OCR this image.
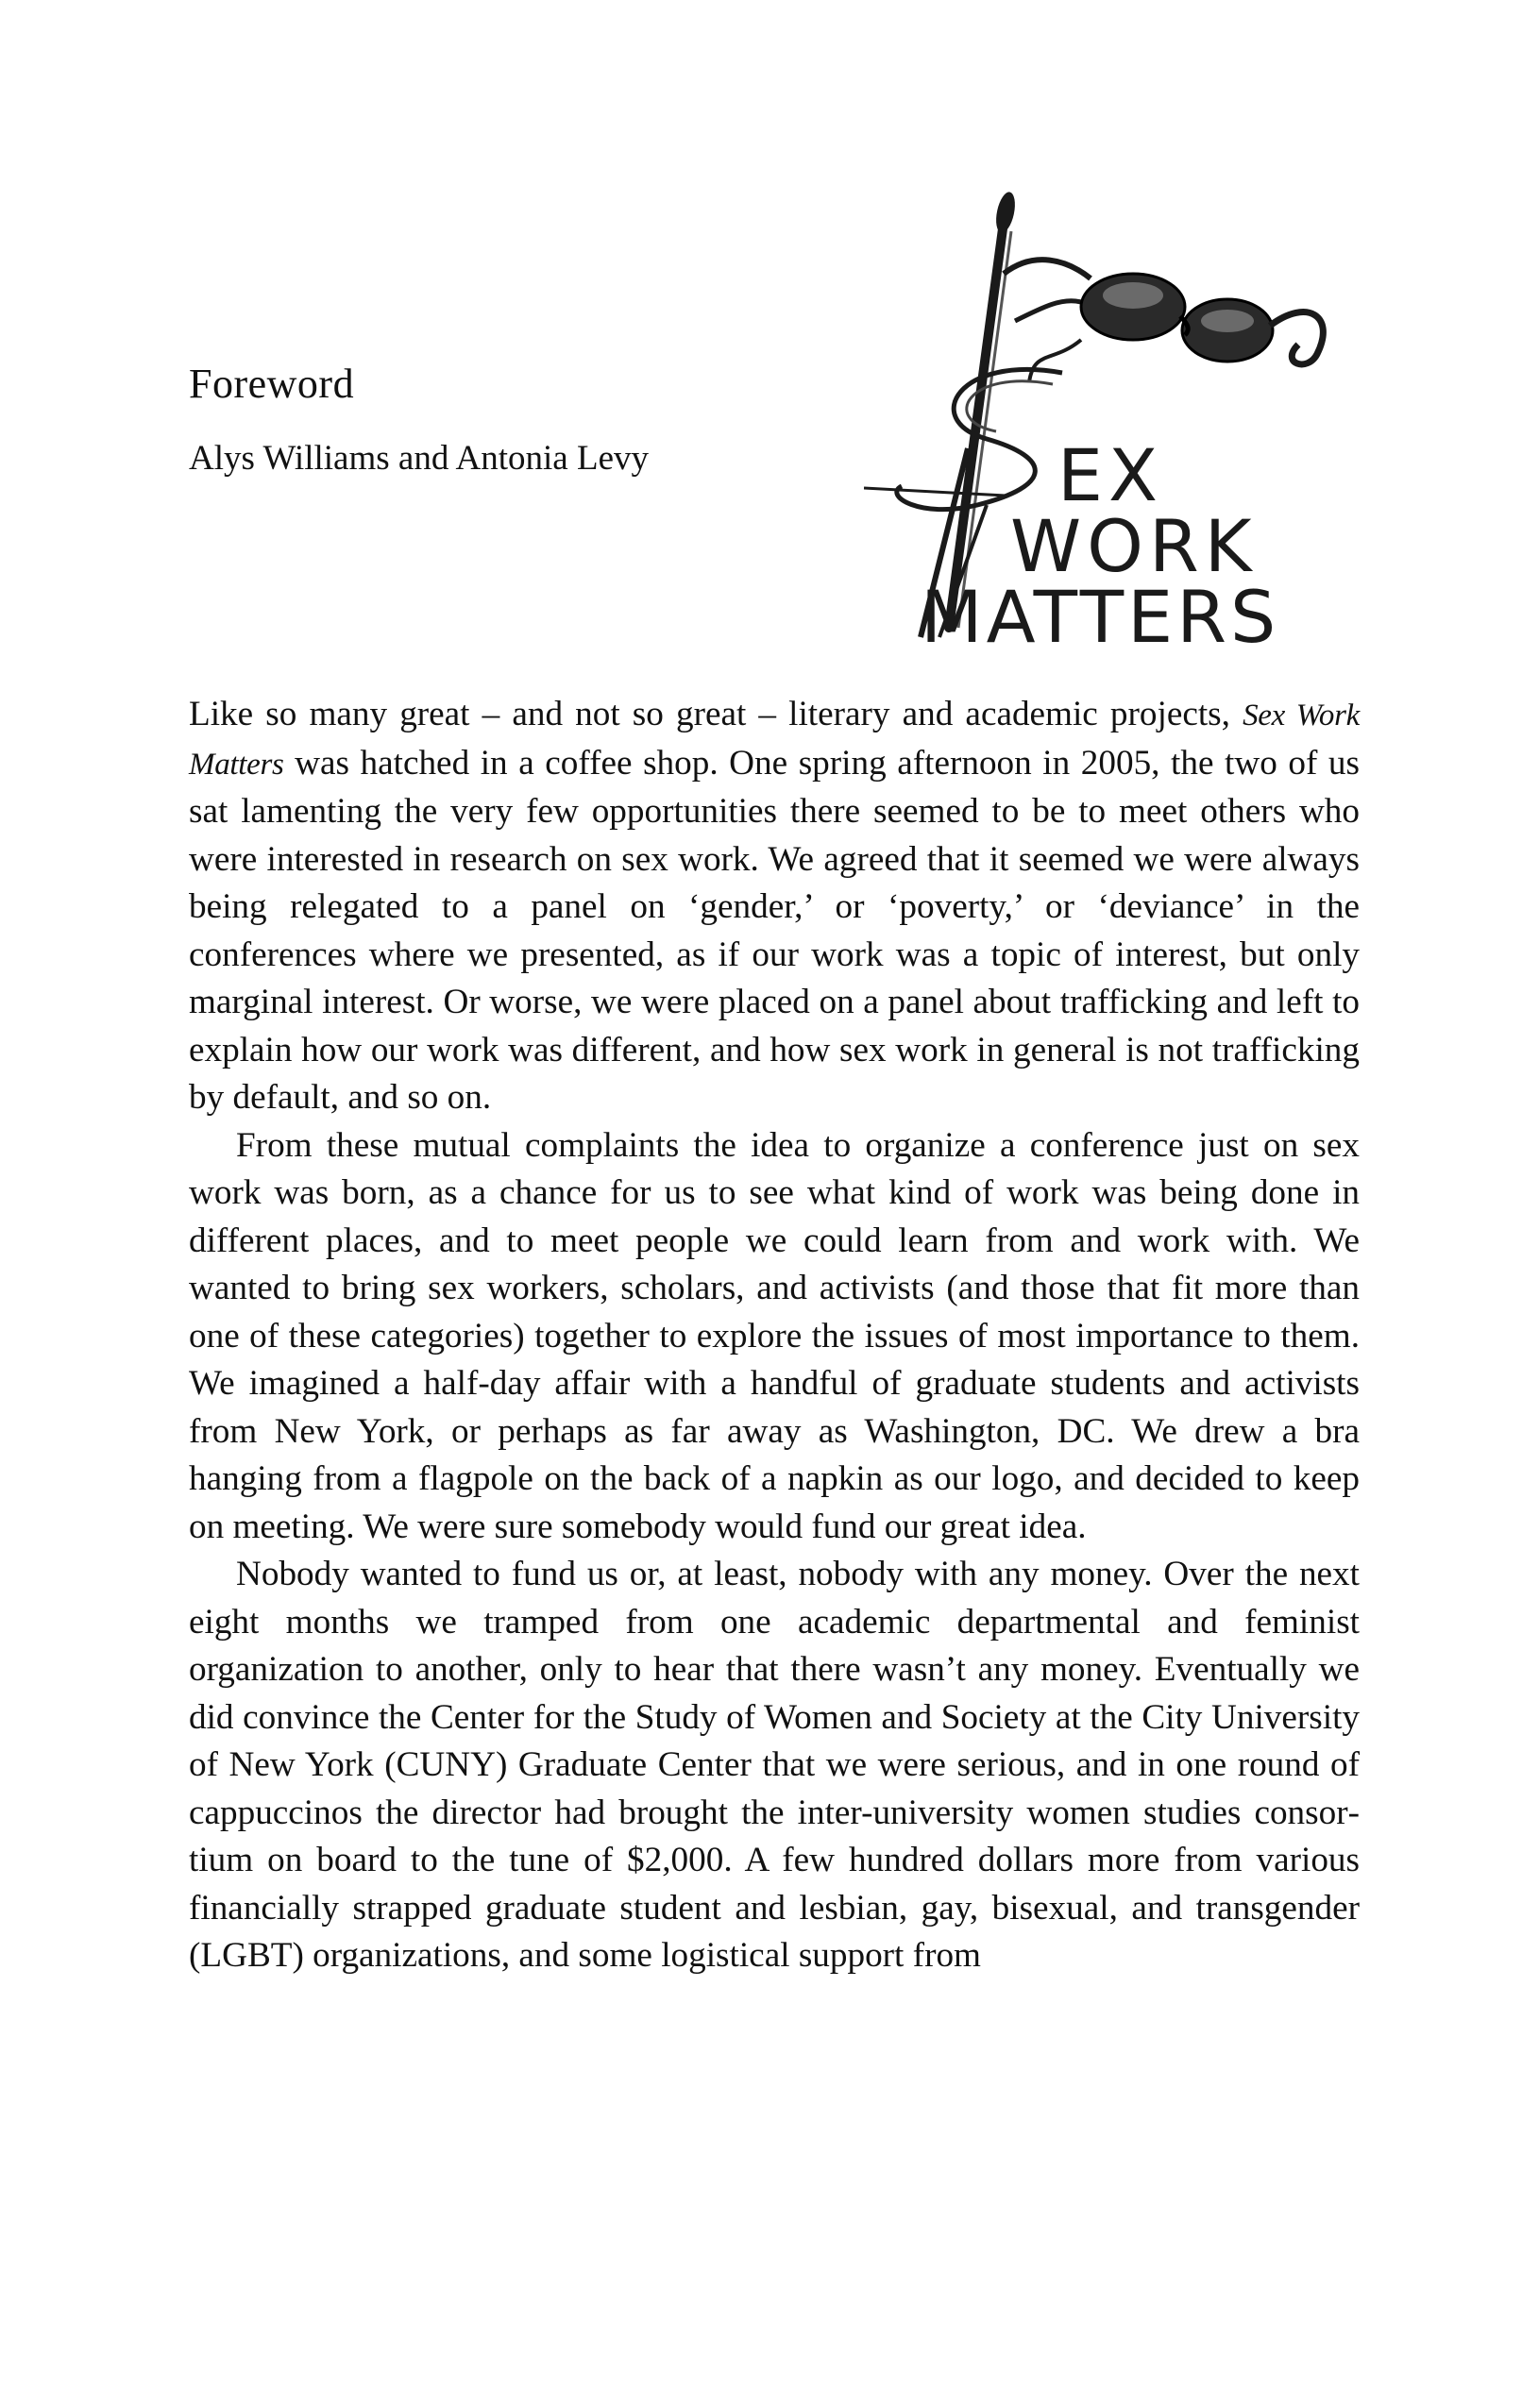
Foreword
Alys Williams and Antonia Levy	EX
WORK
MATTERS

Like so many great – and not so great – literary and academic projects, Sex Work Matters was hatched in a coffee shop. One spring afternoon in 2005, the two of us sat lamenting the very few opportunities there seemed to be to meet others who were interested in research on sex work. We agreed that it seemed we were always being relegated to a panel on ‘gender,’ or ‘poverty,’ or ‘deviance’ in the conferences where we presented, as if our work was a topic of interest, but only marginal interest. Or worse, we were placed on a panel about trafficking and left to explain how our work was different, and how sex work in general is not trafficking by default, and so on.

From these mutual complaints the idea to organize a conference just on sex work was born, as a chance for us to see what kind of work was being done in different places, and to meet people we could learn from and work with. We wanted to bring sex workers, scholars, and activists (and those that fit more than one of these categories) together to explore the issues of most importance to them. We imagined a half-day affair with a handful of graduate students and activists from New York, or perhaps as far away as Washington, DC. We drew a bra hanging from a flagpole on the back of a napkin as our logo, and decided to keep on meeting. We were sure somebody would fund our great idea.

Nobody wanted to fund us or, at least, nobody with any money. Over the next eight months we tramped from one academic departmental and feminist organization to another, only to hear that there wasn’t any money. Eventually we did convince the Center for the Study of Women and Society at the City University of New York (CUNY) Graduate Center that we were serious, and in one round of cappuccinos the director had brought the inter-university women studies consortium on board to the tune of $2,000. A few hundred dollars more from various financially strapped graduate student and lesbian, gay, bisexual, and transgender (LGBT) organizations, and some logistical support from
